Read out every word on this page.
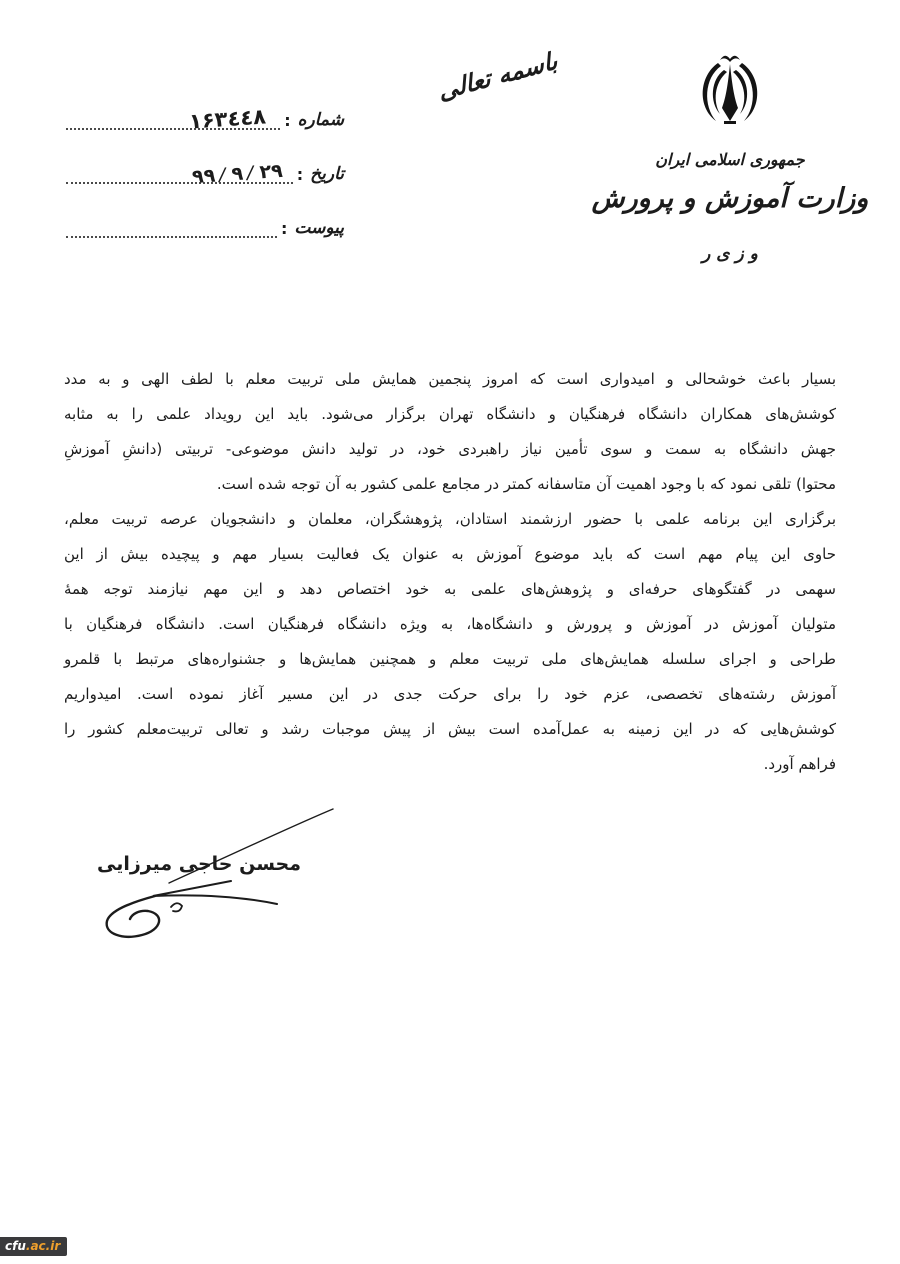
باسمه تعالی
جمهوری اسلامی ایران
وزارت آموزش و پرورش
و ز ی ر
شماره
:
۱۶۳٤٤۸
تاریخ
:
۲۹
/
۹
/
۹۹
پیوست
:
بسیار باعث خوشحالی و امیدواری است که امروز پنجمین همایش ملی تربیت معلم با لطف الهی و به مدد
کوشش‌های همکاران دانشگاه فرهنگیان و دانشگاه تهران برگزار می‌شود. باید این رویداد علمی را به مثابه
جهش دانشگاه به سمت و سوی تأمین نیاز راهبردی خود، در تولید دانش موضوعی- تربیتی (دانشِ آموزشِ
محتوا) تلقی نمود که با وجود اهمیت آن متاسفانه کمتر در مجامع علمی کشور به آن توجه شده است.
برگزاری این برنامه علمی با حضور ارزشمند استادان، پژوهشگران، معلمان و دانشجویان عرصه تربیت معلم،
حاوی این پیام مهم است که باید موضوع آموزش به عنوان یک فعالیت بسیار مهم و پیچیده بیش از این
سهمی در گفتگوهای حرفه‌ای و پژوهش‌های علمی به خود اختصاص دهد و این مهم نیازمند توجه همهٔ
متولیان آموزش در آموزش و پرورش و دانشگاه‌ها، به ویژه دانشگاه فرهنگیان است. دانشگاه فرهنگیان با
طراحی و اجرای سلسله همایش‌های ملی تربیت معلم و همچنین همایش‌ها و جشنواره‌های مرتبط با قلمرو
آموزش رشته‌های تخصصی، عزم خود را برای حرکت جدی در این مسیر آغاز نموده است. امیدواریم
کوشش‌هایی که در این زمینه به عمل‌آمده است بیش از پیش موجبات رشد و تعالی تربیت‌معلم کشور را
فراهم آورد.
محسن حاجی میرزایی
cfu.ac.ir
